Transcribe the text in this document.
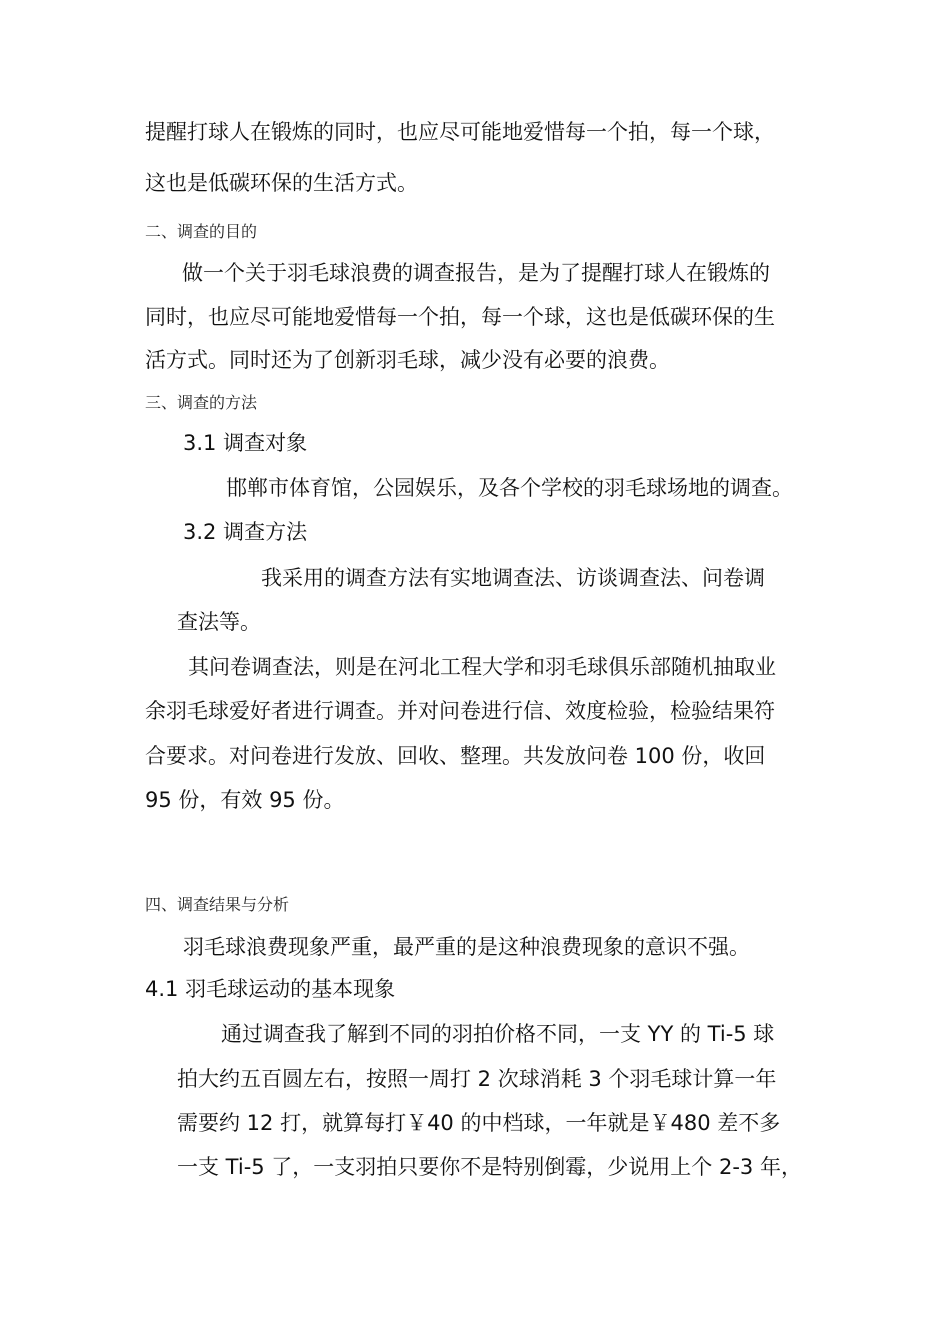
提醒打球人在锻炼的同时，也应尽可能地爱惜每一个拍，每一个球，
这也是低碳环保的生活方式。
二、调查的目的
做一个关于羽毛球浪费的调查报告，是为了提醒打球人在锻炼的
同时，也应尽可能地爱惜每一个拍，每一个球，这也是低碳环保的生
活方式。同时还为了创新羽毛球，减少没有必要的浪费。
三、调查的方法
3.1 调查对象
邯郸市体育馆，公园娱乐，及各个学校的羽毛球场地的调查。
3.2 调查方法
我采用的调查方法有实地调查法、访谈调查法、问卷调
查法等。
其问卷调查法，则是在河北工程大学和羽毛球俱乐部随机抽取业
余羽毛球爱好者进行调查。并对问卷进行信、效度检验，检验结果符
合要求。对问卷进行发放、回收、整理。共发放问卷 100 份，收回
95 份，有效 95 份。
四、调查结果与分析
羽毛球浪费现象严重，最严重的是这种浪费现象的意识不强。
4.1 羽毛球运动的基本现象
通过调查我了解到不同的羽拍价格不同，一支 YY 的 Ti-5 球
拍大约五百圆左右，按照一周打 2 次球消耗 3 个羽毛球计算一年
需要约 12 打，就算每打￥40 的中档球，一年就是￥480 差不多
一支 Ti-5 了，一支羽拍只要你不是特别倒霉，少说用上个 2-3 年，
